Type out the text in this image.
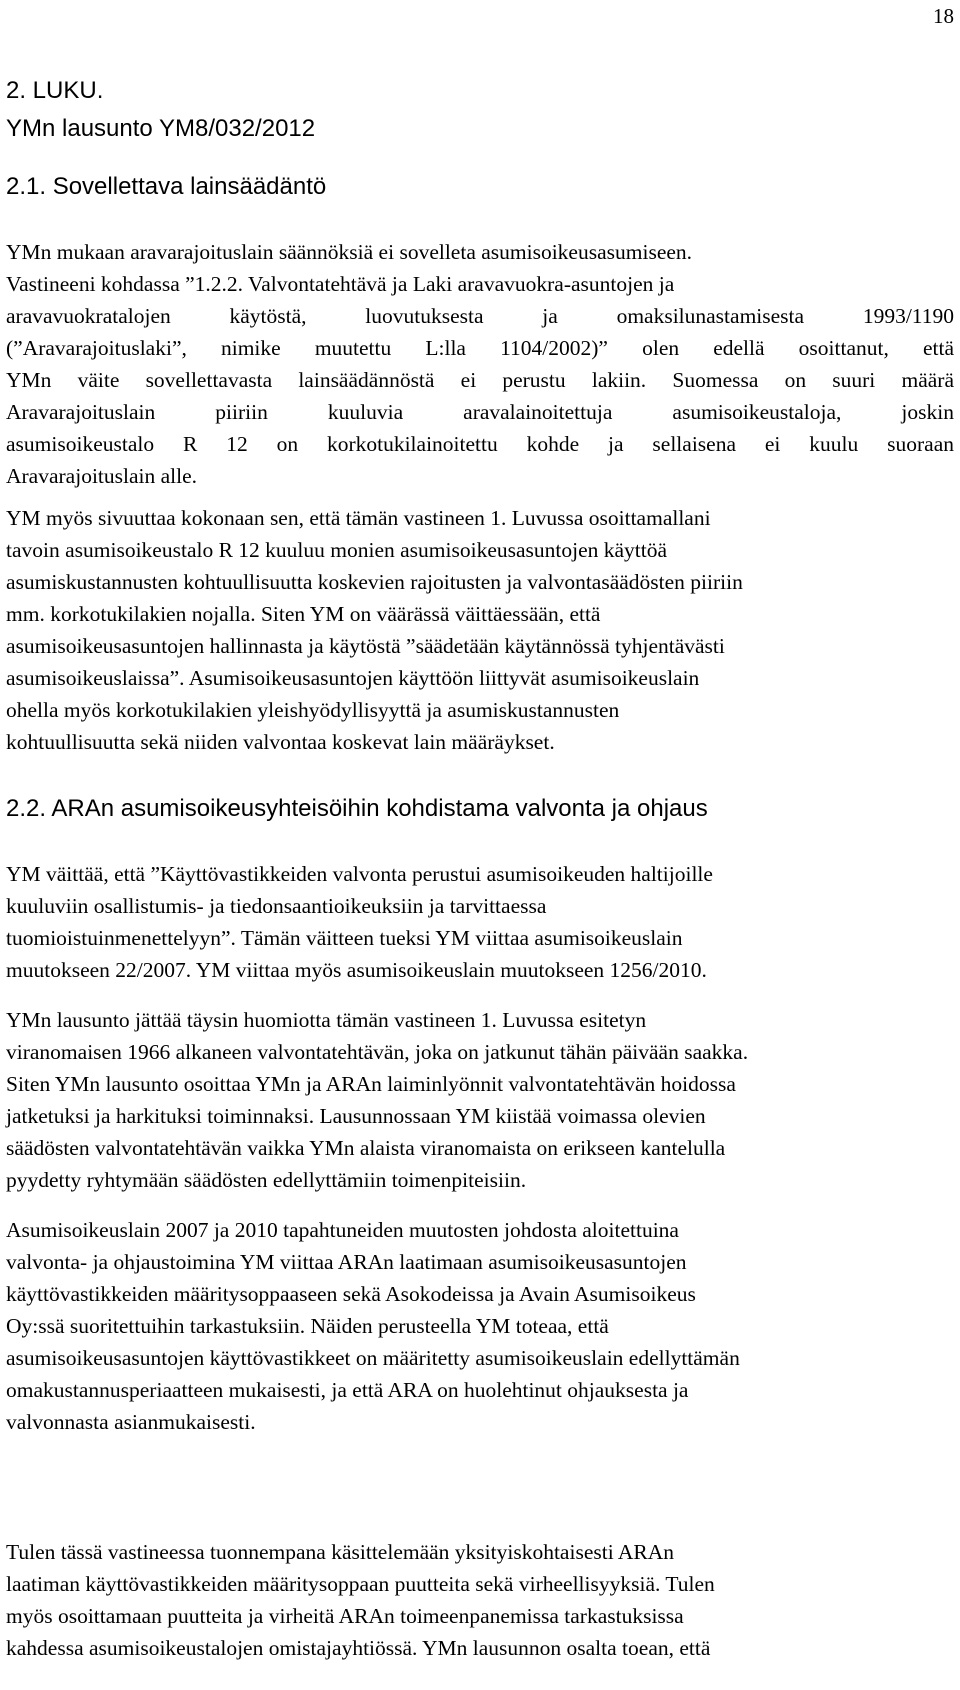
18
2. LUKU.
YMn lausunto YM8/032/2012
2.1. Sovellettava lainsäädäntö
YMn mukaan aravarajoituslain säännöksiä ei sovelleta asumisoikeusasumiseen.
Vastineeni kohdassa ”1.2.2. Valvontatehtävä ja Laki aravavuokra-asuntojen ja
aravavuokratalojen käytöstä, luovutuksesta ja omaksilunastamisesta 1993/1190
(”Aravarajoituslaki”, nimike muutettu L:lla 1104/2002)” olen edellä osoittanut, että
YMn väite sovellettavasta lainsäädännöstä ei perustu lakiin. Suomessa on suuri määrä
Aravarajoituslain piiriin kuuluvia aravalainoitettuja asumisoikeustaloja, joskin
asumisoikeustalo R 12 on korkotukilainoitettu kohde ja sellaisena ei kuulu suoraan
Aravarajoituslain alle.
YM myös sivuuttaa kokonaan sen, että tämän vastineen 1. Luvussa osoittamallani
tavoin asumisoikeustalo R 12 kuuluu monien asumisoikeusasuntojen käyttöä
asumiskustannusten kohtuullisuutta koskevien rajoitusten ja valvontasäädösten piiriin
mm. korkotukilakien nojalla. Siten YM on väärässä väittäessään, että
asumisoikeusasuntojen hallinnasta ja käytöstä ”säädetään käytännössä tyhjentävästi
asumisoikeuslaissa”. Asumisoikeusasuntojen käyttöön liittyvät asumisoikeuslain
ohella myös korkotukilakien yleishyödyllisyyttä ja asumiskustannusten
kohtuullisuutta sekä niiden valvontaa koskevat lain määräykset.
2.2. ARAn asumisoikeusyhteisöihin kohdistama valvonta ja ohjaus
YM väittää, että ”Käyttövastikkeiden valvonta perustui asumisoikeuden haltijoille
kuuluviin osallistumis- ja tiedonsaantioikeuksiin ja tarvittaessa
tuomioistuinmenettelyyn”. Tämän väitteen tueksi YM viittaa asumisoikeuslain
muutokseen 22/2007. YM viittaa myös asumisoikeuslain muutokseen 1256/2010.
YMn lausunto jättää täysin huomiotta tämän vastineen 1. Luvussa esitetyn
viranomaisen 1966 alkaneen valvontatehtävän, joka on jatkunut tähän päivään saakka.
Siten YMn lausunto osoittaa YMn ja ARAn laiminlyönnit valvontatehtävän hoidossa
jatketuksi ja harkituksi toiminnaksi. Lausunnossaan YM kiistää voimassa olevien
säädösten valvontatehtävän vaikka YMn alaista viranomaista on erikseen kantelulla
pyydetty ryhtymään säädösten edellyttämiin toimenpiteisiin.
Asumisoikeuslain 2007 ja 2010 tapahtuneiden muutosten johdosta aloitettuina
valvonta- ja ohjaustoimina YM viittaa ARAn laatimaan asumisoikeusasuntojen
käyttövastikkeiden määritysoppaaseen sekä Asokodeissa ja Avain Asumisoikeus
Oy:ssä suoritettuihin tarkastuksiin. Näiden perusteella YM toteaa, että
asumisoikeusasuntojen käyttövastikkeet on määritetty asumisoikeuslain edellyttämän
omakustannusperiaatteen mukaisesti, ja että ARA on huolehtinut ohjauksesta ja
valvonnasta asianmukaisesti.
Tulen tässä vastineessa tuonnempana käsittelemään yksityiskohtaisesti ARAn
laatiman käyttövastikkeiden määritysoppaan puutteita sekä virheellisyyksiä. Tulen
myös osoittamaan puutteita ja virheitä ARAn toimeenpanemissa tarkastuksissa
kahdessa asumisoikeustalojen omistajayhtiössä. YMn lausunnon osalta toean, että
